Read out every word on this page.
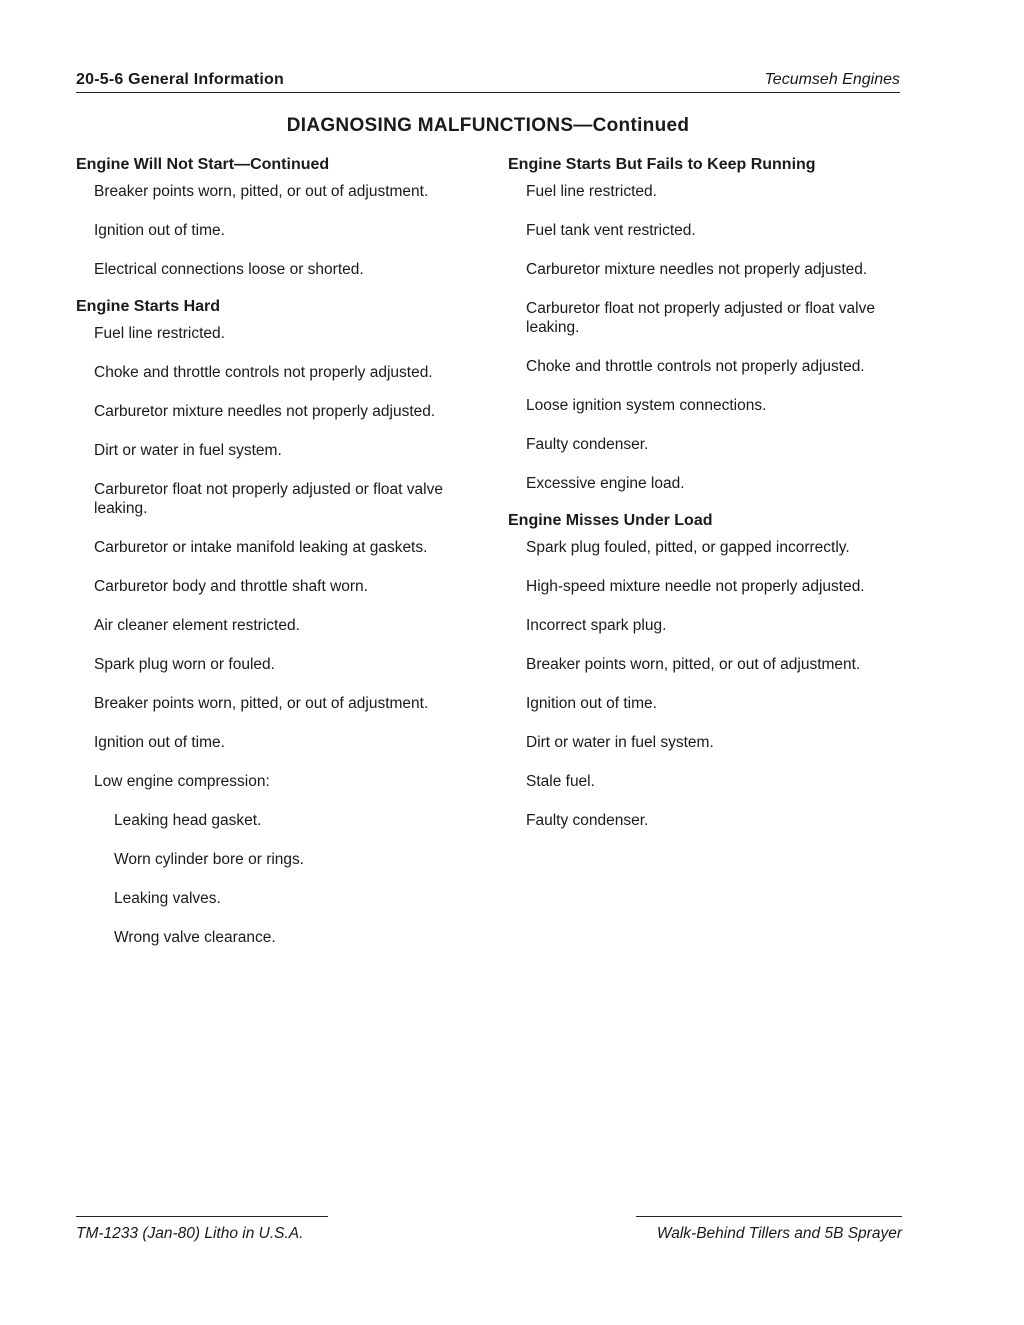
20-5-6 General Information	Tecumseh Engines
DIAGNOSING MALFUNCTIONS—Continued
Engine Will Not Start—Continued
Breaker points worn, pitted, or out of adjustment.
Ignition out of time.
Electrical connections loose or shorted.
Engine Starts Hard
Fuel line restricted.
Choke and throttle controls not properly adjusted.
Carburetor mixture needles not properly adjusted.
Dirt or water in fuel system.
Carburetor float not properly adjusted or float valve leaking.
Carburetor or intake manifold leaking at gaskets.
Carburetor body and throttle shaft worn.
Air cleaner element restricted.
Spark plug worn or fouled.
Breaker points worn, pitted, or out of adjustment.
Ignition out of time.
Low engine compression:
Leaking head gasket.
Worn cylinder bore or rings.
Leaking valves.
Wrong valve clearance.
Engine Starts But Fails to Keep Running
Fuel line restricted.
Fuel tank vent restricted.
Carburetor mixture needles not properly adjusted.
Carburetor float not properly adjusted or float valve leaking.
Choke and throttle controls not properly adjusted.
Loose ignition system connections.
Faulty condenser.
Excessive engine load.
Engine Misses Under Load
Spark plug fouled, pitted, or gapped incorrectly.
High-speed mixture needle not properly adjusted.
Incorrect spark plug.
Breaker points worn, pitted, or out of adjustment.
Ignition out of time.
Dirt or water in fuel system.
Stale fuel.
Faulty condenser.
TM-1233 (Jan-80) Litho in U.S.A.	Walk-Behind Tillers and 5B Sprayer
